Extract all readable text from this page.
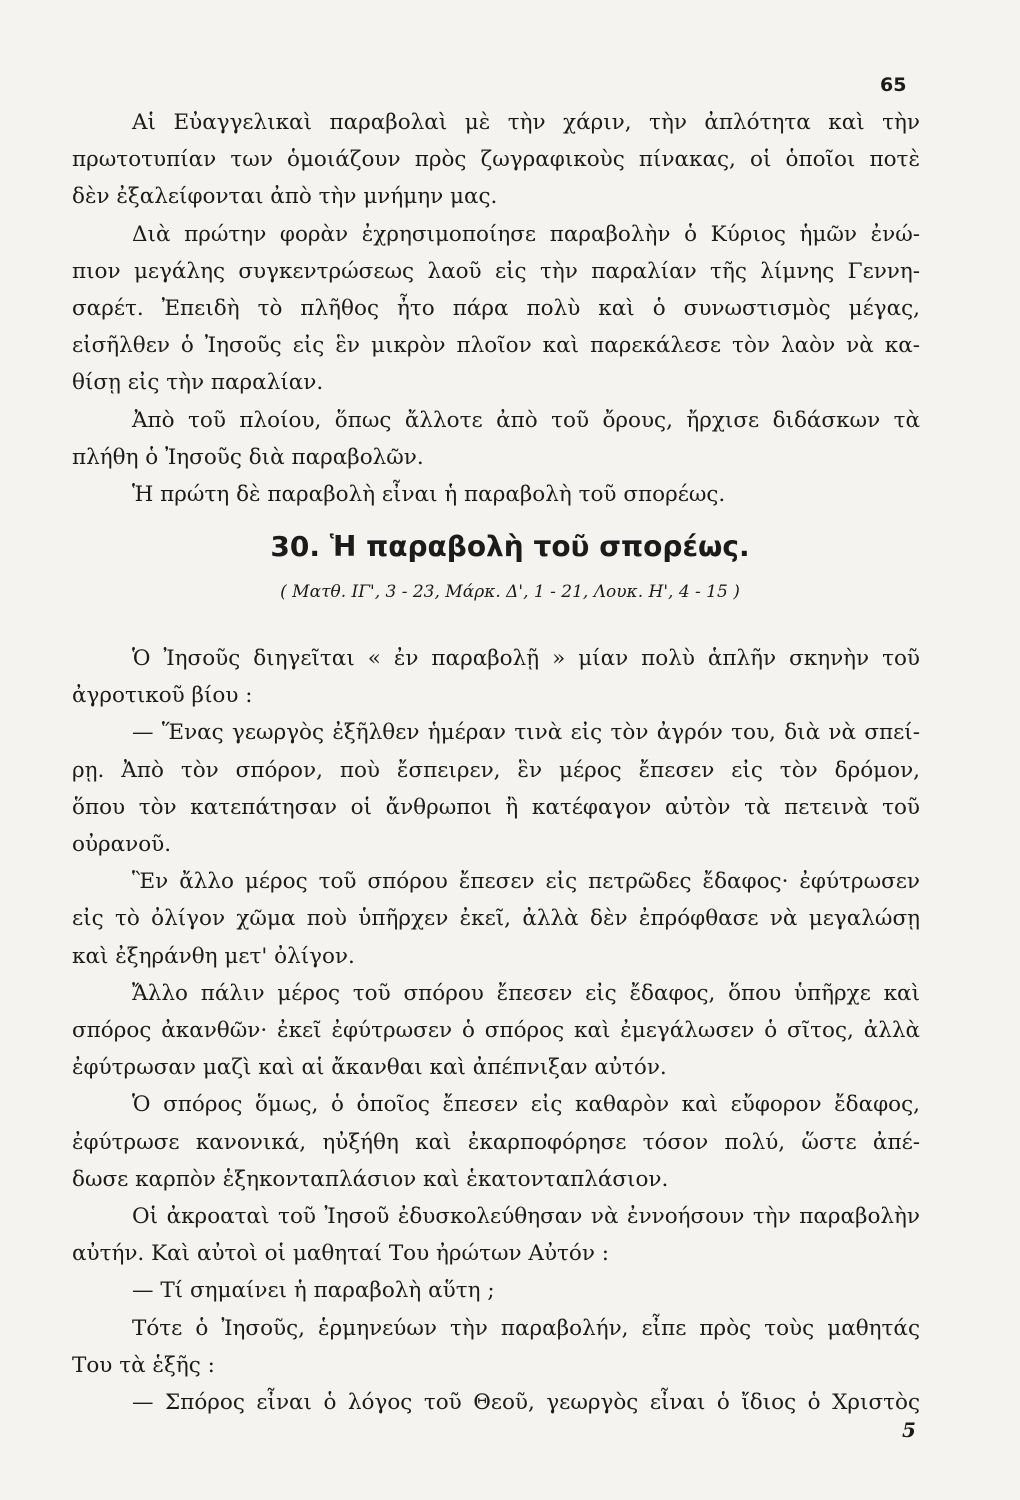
65
Αἱ Εὐαγγελικαὶ παραβολαὶ μὲ τὴν χάριν, τὴν ἀπλότητα καὶ τὴν
πρωτοτυπίαν των ὁμοιάζουν πρὸς ζωγραφικοὺς πίνακας, οἱ ὁποῖοι ποτὲ
δὲν ἐξαλείφονται ἀπὸ τὴν μνήμην μας.
Διὰ πρώτην φορὰν ἐχρησιμοποίησε παραβολὴν ὁ Κύριος ἡμῶν ἐνώ-
πιον μεγάλης συγκεντρώσεως λαοῦ εἰς τὴν παραλίαν τῆς λίμνης Γεννη-
σαρέτ. Ἐπειδὴ τὸ πλῆθος ἦτο πάρα πολὺ καὶ ὁ συνωστισμὸς μέγας,
εἰσῆλθεν ὁ Ἰησοῦς εἰς ἓν μικρὸν πλοῖον καὶ παρεκάλεσε τὸν λαὸν νὰ κα-
θίσῃ εἰς τὴν παραλίαν.
Ἀπὸ τοῦ πλοίου, ὅπως ἄλλοτε ἀπὸ τοῦ ὄρους, ἤρχισε διδάσκων τὰ
πλήθη ὁ Ἰησοῦς διὰ παραβολῶν.
Ἡ πρώτη δὲ παραβολὴ εἶναι ἡ παραβολὴ τοῦ σπορέως.
30. Ἡ παραβολὴ τοῦ σπορέως.
( Ματθ. ΙΓ', 3 - 23, Μάρκ. Δ', 1 - 21, Λουκ. Η', 4 - 15 )
Ὁ Ἰησοῦς διηγεῖται « ἐν παραβολῇ » μίαν πολὺ ἁπλῆν σκηνὴν τοῦ
ἀγροτικοῦ βίου :
— Ἕνας γεωργὸς ἐξῆλθεν ἡμέραν τινὰ εἰς τὸν ἀγρόν του, διὰ νὰ σπεί-
ρῃ. Ἀπὸ τὸν σπόρον, ποὺ ἔσπειρεν, ἓν μέρος ἔπεσεν εἰς τὸν δρόμον,
ὅπου τὸν κατεπάτησαν οἱ ἄνθρωποι ἢ κατέφαγον αὐτὸν τὰ πετεινὰ τοῦ
οὐρανοῦ.
Ἓν ἄλλο μέρος τοῦ σπόρου ἔπεσεν εἰς πετρῶδες ἔδαφος· ἐφύτρωσεν
εἰς τὸ ὀλίγον χῶμα ποὺ ὑπῆρχεν ἐκεῖ, ἀλλὰ δὲν ἐπρόφθασε νὰ μεγαλώσῃ
καὶ ἐξηράνθη μετ' ὀλίγον.
Ἄλλο πάλιν μέρος τοῦ σπόρου ἔπεσεν εἰς ἔδαφος, ὅπου ὑπῆρχε καὶ
σπόρος ἀκανθῶν· ἐκεῖ ἐφύτρωσεν ὁ σπόρος καὶ ἐμεγάλωσεν ὁ σῖτος, ἀλλὰ
ἐφύτρωσαν μαζὶ καὶ αἱ ἄκανθαι καὶ ἀπέπνιξαν αὐτόν.
Ὁ σπόρος ὅμως, ὁ ὁποῖος ἔπεσεν εἰς καθαρὸν καὶ εὔφορον ἔδαφος,
ἐφύτρωσε κανονικά, ηὐξήθη καὶ ἐκαρποφόρησε τόσον πολύ, ὥστε ἀπέ-
δωσε καρπὸν ἑξηκονταπλάσιον καὶ ἑκατονταπλάσιον.
Οἱ ἀκροαταὶ τοῦ Ἰησοῦ ἐδυσκολεύθησαν νὰ ἐννοήσουν τὴν παραβολὴν
αὐτήν. Καὶ αὐτοὶ οἱ μαθηταί Του ἠρώτων Αὐτόν :
— Τί σημαίνει ἡ παραβολὴ αὕτη ;
Τότε ὁ Ἰησοῦς, ἑρμηνεύων τὴν παραβολήν, εἶπε πρὸς τοὺς μαθητάς
Του τὰ ἑξῆς :
— Σπόρος εἶναι ὁ λόγος τοῦ Θεοῦ, γεωργὸς εἶναι ὁ ἴδιος ὁ Χριστὸς
5
